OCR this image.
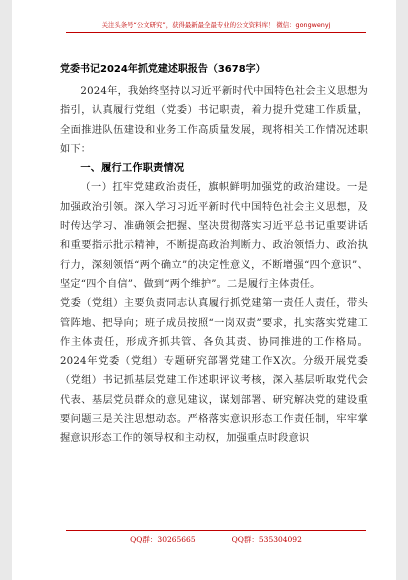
关注头条号“公文研究”，获得最新最全最专业的公文资料库！ 微信：gongwenyj
党委书记2024年抓党建述职报告（3678字）

2024年，我始终坚持以习近平新时代中国特色社会主义思想为指引，认真履行党组（党委）书记职责，着力提升党建工作质量，全面推进队伍建设和业务工作高质量发展，现将相关工作情况述职如下：

一、履行工作职责情况

（一）扛牢党建政治责任，旗帜鲜明加强党的政治建设。一是加强政治引领。深入学习习近平新时代中国特色社会主义思想，及时传达学习、准确领会把握、坚决贯彻落实习近平总书记重要讲话和重要指示批示精神，不断提高政治判断力、政治领悟力、政治执行力，深刻领悟“两个确立”的决定性意义，不断增强“四个意识”、坚定“四个自信”、做到“两个维护”。二是履行主体责任。

党委（党组）主要负责同志认真履行抓党建第一责任人责任，带头管阵地、把导向；班子成员按照“一岗双责”要求，扎实落实党建工作主体责任，形成齐抓共管、各负其责、协同推进的工作格局。2024年党委（党组）专题研究部署党建工作X次。分级开展党委（党组）书记抓基层党建工作述职评议考核，深入基层听取党代会代表、基层党员群众的意见建议，谋划部署、研究解决党的建设重要问题三是关注思想动态。严格落实意识形态工作责任制，牢牢掌握意识形态工作的领导权和主动权，加强重点时段意识

QQ群：30265665	QQ群：535304092
